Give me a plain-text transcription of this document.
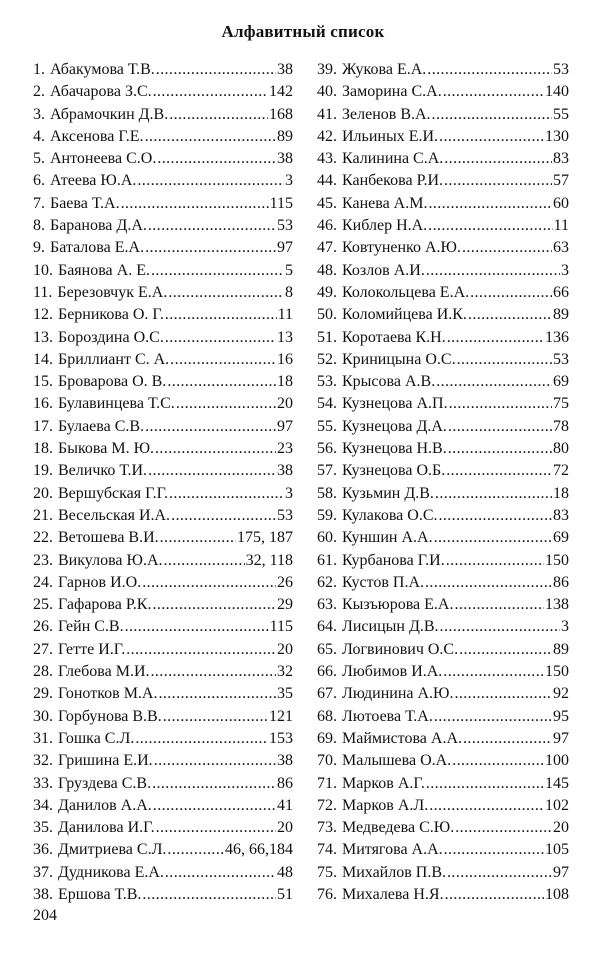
Алфавитный список
1. Абакумова Т.В. .....	38
2. Абачарова З.С. .....	142
3. Абрамочкин Д.В. .....	168
4. Аксенова Г.Е. .....	89
5. Антонеева С.О. .....	38
6. Атеева Ю.А. .....	3
7. Баева Т.А. .....	115
8. Баранова Д.А. .....	53
9. Баталова Е.А. .....	97
10. Баянова А. Е. .....	5
11. Березовчук Е.А. .....	8
12. Берникова О. Г. .....	11
13. Бороздина О.С. .....	13
14. Бриллиант С. А. .....	16
15. Броварова О. В. .....	18
16. Булавинцева Т.С. .....	20
17. Булаева С.В. .....	97
18. Быкова М. Ю. .....	23
19. Величко Т.И. .....	38
20. Вершубская Г.Г. .....	3
21. Весельская И.А. .....	53
22. Ветошева В.И. .....	175, 187
23. Викулова Ю.А. .....	32, 118
24. Гарнов И.О. .....	26
25. Гафарова Р.К. .....	29
26. Гейн С.В. .....	115
27. Гетте И.Г. .....	20
28. Глебова М.И. .....	32
29. Гонотков М.А. .....	35
30. Горбунова В.В. .....	121
31. Гошка С.Л. .....	153
32. Гришина Е.И. .....	38
33. Груздева С.В. .....	86
34. Данилов А.А. .....	41
35. Данилова И.Г. .....	20
36. Дмитриева С.Л. .....	46, 66,184
37. Дудникова Е.А. .....	48
38. Ершова Т.В. .....	51
39. Жукова Е.А. .....	53
40. Заморина С.А. .....	140
41. Зеленов В.А. .....	55
42. Ильиных Е.И. .....	130
43. Калинина С.А. .....	83
44. Канбекова Р.И. .....	57
45. Канева А.М. .....	60
46. Киблер Н.А. .....	11
47. Ковтуненко А.Ю. .....	63
48. Козлов А.И. .....	3
49. Колокольцева Е.А. .....	66
50. Коломийцева И.К. .....	89
51. Коротаева К.Н. .....	136
52. Криницына О.С. .....	53
53. Крысова А.В. .....	69
54. Кузнецова А.П. .....	75
55. Кузнецова Д.А. .....	78
56. Кузнецова Н.В. .....	80
57. Кузнецова О.Б. .....	72
58. Кузьмин Д.В. .....	18
59. Кулакова О.С. .....	83
60. Куншин А.А. .....	69
61. Курбанова Г.И. .....	150
62. Кустов П.А. .....	86
63. Кызъюрова Е.А. .....	138
64. Лисицын Д.В. .....	3
65. Логвинович О.С. .....	89
66. Любимов И.А. .....	150
67. Людинина А.Ю. .....	92
68. Лютоева Т.А. .....	95
69. Маймистова А.А. .....	97
70. Малышева О.А. .....	100
71. Марков А.Г. .....	145
72. Марков А.Л. .....	102
73. Медведева С.Ю. .....	20
74. Митягова А.А. .....	105
75. Михайлов П.В. .....	97
76. Михалева Н.Я. .....	108
204
